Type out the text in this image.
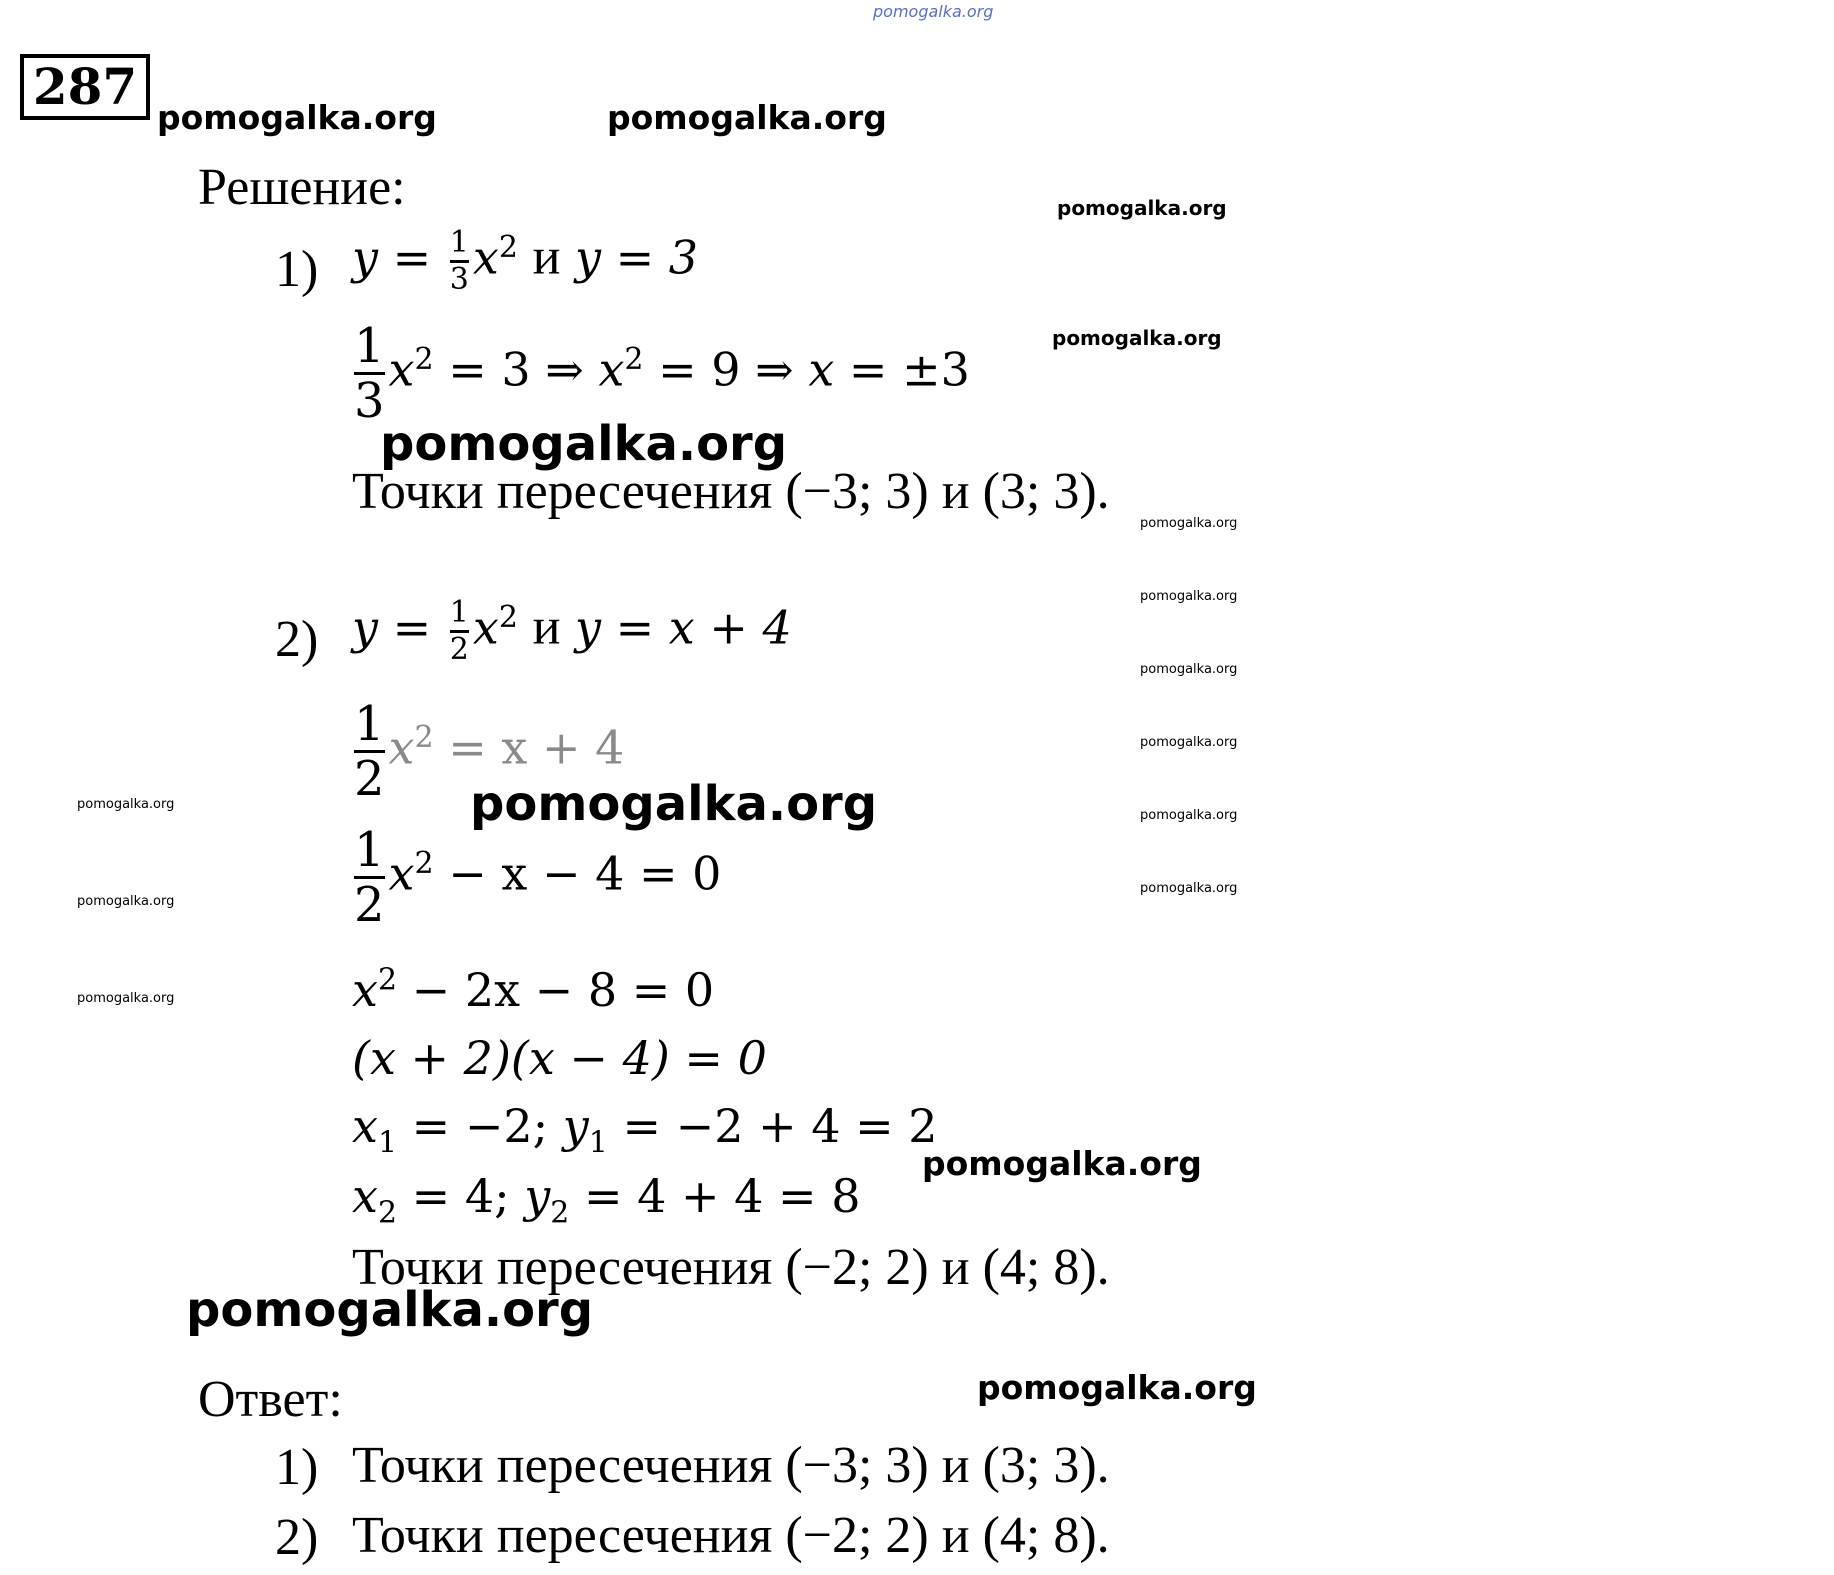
pomogalka.org
287
pomogalka.org	pomogalka.org
Решение:	pomogalka.org
1) $y = \frac{1}{3} x^2$ и y = 3
pomogalka.org
$\frac{1}{3} x^2 = 3$ ⇒ $x^2 = 9$ ⇒ x = ±3
pomogalka.org
Точки пересечения (−3; 3) и (3; 3).
pomogalka.org
pomogalka.org
pomogalka.org
pomogalka.org
pomogalka.org
pomogalka.org
2) $y = \frac{1}{2} x^2$ и y = x + 4
$\frac{1}{2} x^2 = x + 4$
pomogalka.org	pomogalka.org
$\frac{1}{2} x^2 - x - 4 = 0$
pomogalka.org
$x^2 - 2x - 8 = 0$
pomogalka.org
(x + 2)(x − 4) = 0
$x_1 = -2$; $y_1 = -2 + 4 = 2$
$x_2 = 4$; $y_2 = 4 + 4 = 8$
pomogalka.org
Точки пересечения (−2; 2) и (4; 8).
pomogalka.org
Ответ:	pomogalka.org
1) Точки пересечения (−3; 3) и (3; 3).
2) Точки пересечения (−2; 2) и (4; 8).
